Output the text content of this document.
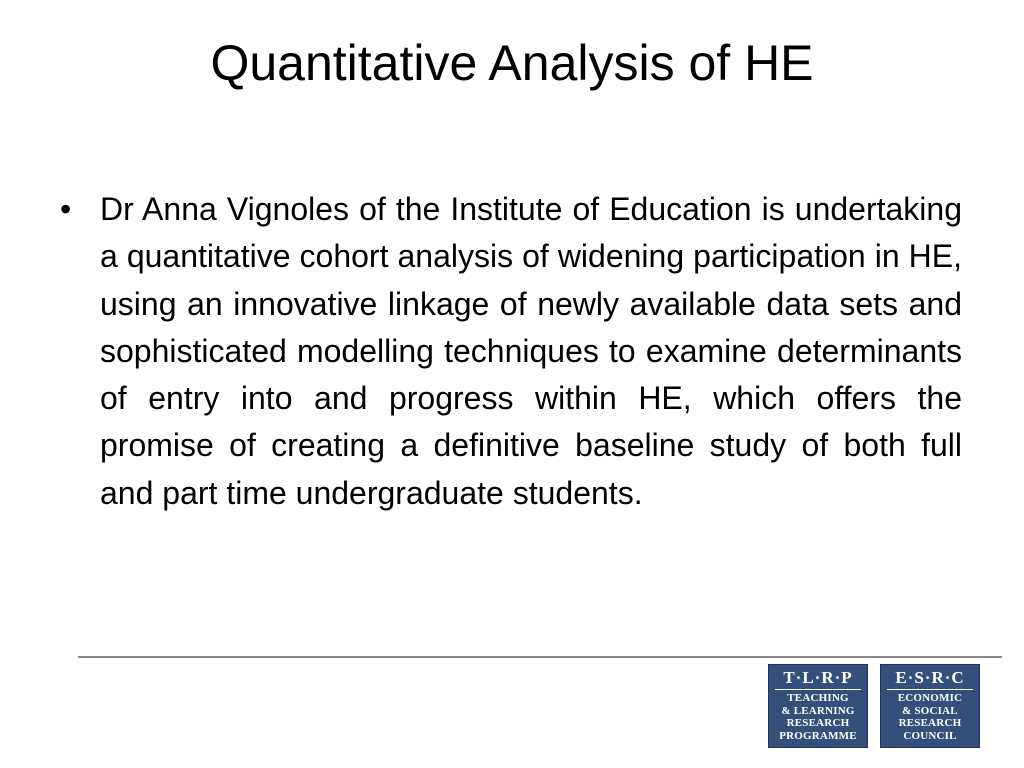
Quantitative Analysis of HE
• Dr Anna Vignoles of the Institute of Education is undertaking a quantitative cohort analysis of widening participation in HE, using an innovative linkage of newly available data sets and sophisticated modelling techniques to examine determinants of entry into and progress within HE, which offers the promise of creating a definitive baseline study of both full and part time undergraduate students.
T·L·R·P
TEACHING
& LEARNING
RESEARCH
PROGRAMME
E·S·R·C
ECONOMIC
& SOCIAL
RESEARCH
COUNCIL
